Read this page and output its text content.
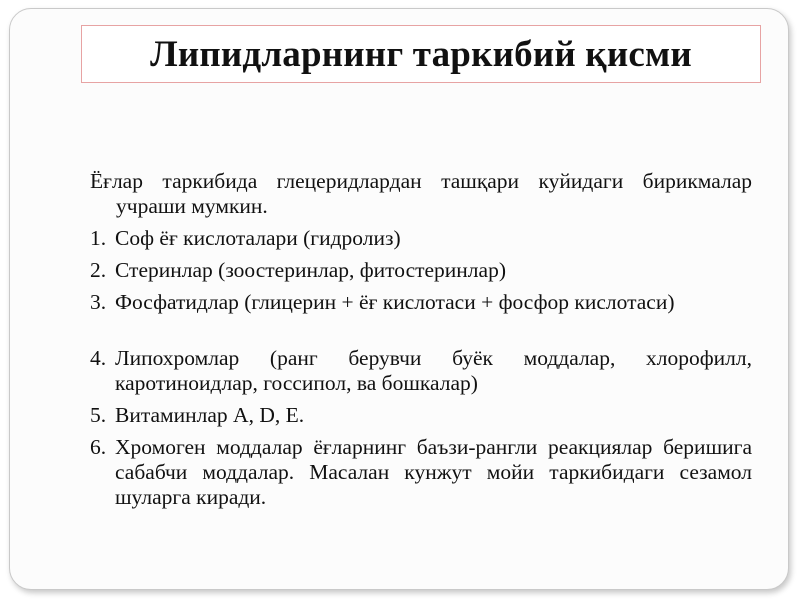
Липидларнинг таркибий қисми

Ёғлар таркибида глецеридлардан ташқари куйидаги бирикмалар учраши мумкин.

1. Соф ёғ кислоталари (гидролиз)
2. Стеринлар (зоостеринлар, фитостеринлар)
3. Фосфатидлар (глицерин + ёғ кислотаси + фосфор кислотаси)
4. Липохромлар (ранг берувчи буёк моддалар, хлорофилл, каротиноидлар, госсипол, ва бошкалар)
5. Витаминлар A, D, E.
6. Хромоген моддалар ёғларнинг баъзи-рангли реакциялар беришига сабабчи моддалар. Масалан кунжут мойи таркибидаги сезамол шуларга киради.
